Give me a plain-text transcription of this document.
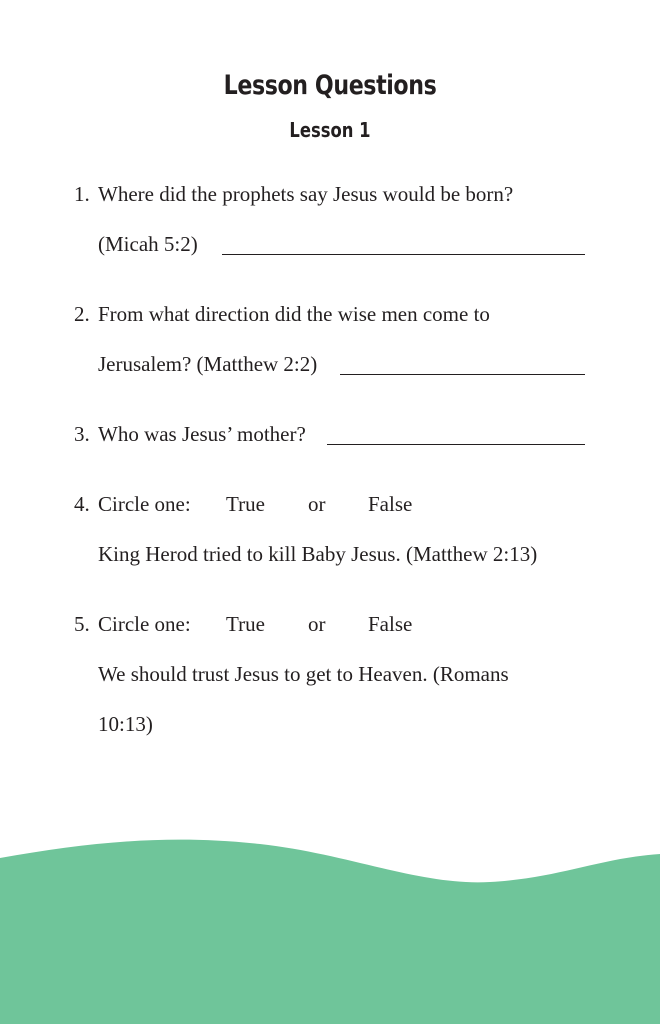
Lesson Questions
Lesson 1
1. Where did the prophets say Jesus would be born?
(Micah 5:2)
2. From what direction did the wise men come to
Jerusalem? (Matthew 2:2)
3. Who was Jesus’ mother?
4. Circle one: True or False
King Herod tried to kill Baby Jesus. (Matthew 2:13)
5. Circle one: True or False
We should trust Jesus to get to Heaven. (Romans
10:13)
